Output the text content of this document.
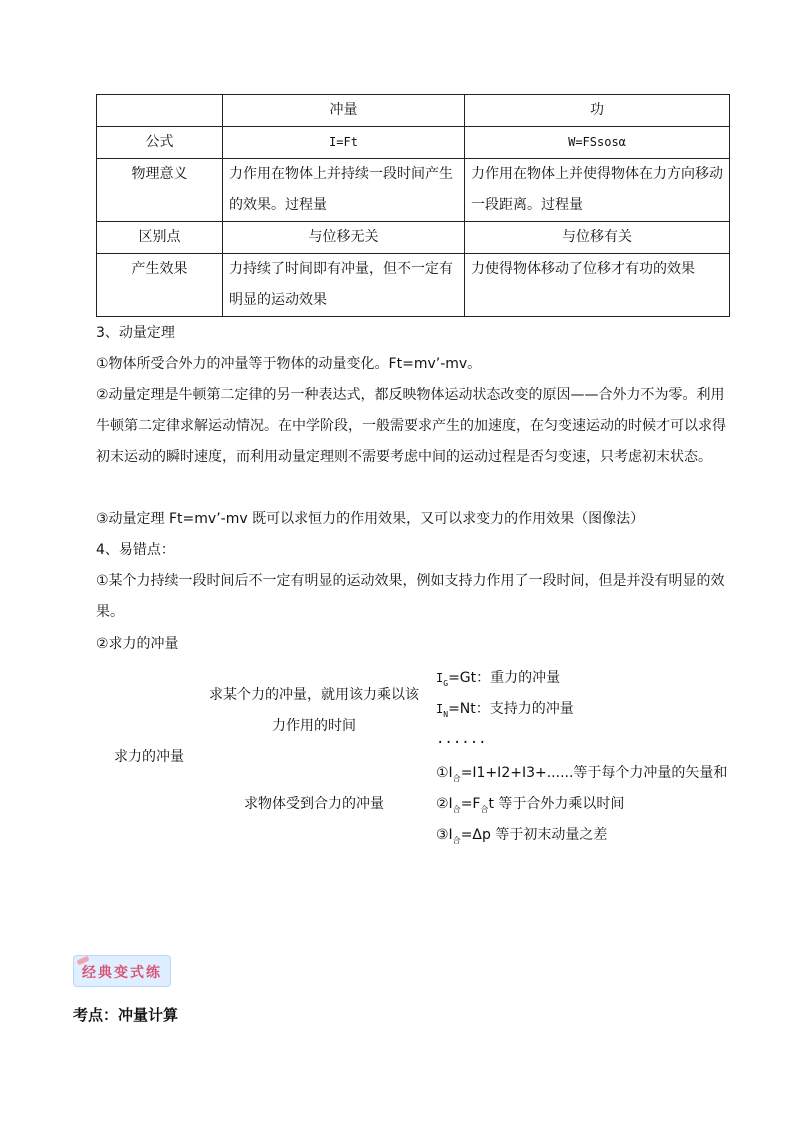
	冲量	功
公式	I=Ft	W=FSsosα
物理意义	力作用在物体上并持续一段时间产生的效果。过程量	力作用在物体上并使得物体在力方向移动一段距离。过程量
区别点	与位移无关	与位移有关
产生效果	力持续了时间即有冲量，但不一定有明显的运动效果	力使得物体移动了位移才有功的效果
3、动量定理
①物体所受合外力的冲量等于物体的动量变化。Ft=mv’-mv。
②动量定理是牛顿第二定律的另一种表达式，都反映物体运动状态改变的原因——合外力不为零。利用牛顿第二定律求解运动情况。在中学阶段，一般需要求产生的加速度，在匀变速运动的时候才可以求得初末运动的瞬时速度，而利用动量定理则不需要考虑中间的运动过程是否匀变速，只考虑初末状态。
③动量定理 Ft=mv’-mv 既可以求恒力的作用效果，又可以求变力的作用效果（图像法）
4、易错点：
①某个力持续一段时间后不一定有明显的运动效果，例如支持力作用了一段时间，但是并没有明显的效果。
②求力的冲量
求力的冲量
求某个力的冲量，就用该力乘以该力作用的时间
求物体受到合力的冲量
$I_G=Gt$：重力的冲量
$I_N=Nt$：支持力的冲量
......
$①I_合=I1+I2+I3+$......等于每个力冲量的矢量和
$②I_合=F_合t$ 等于合外力乘以时间
$③I_合=\Delta p$ 等于初末动量之差
经典变式练
考点：冲量计算
